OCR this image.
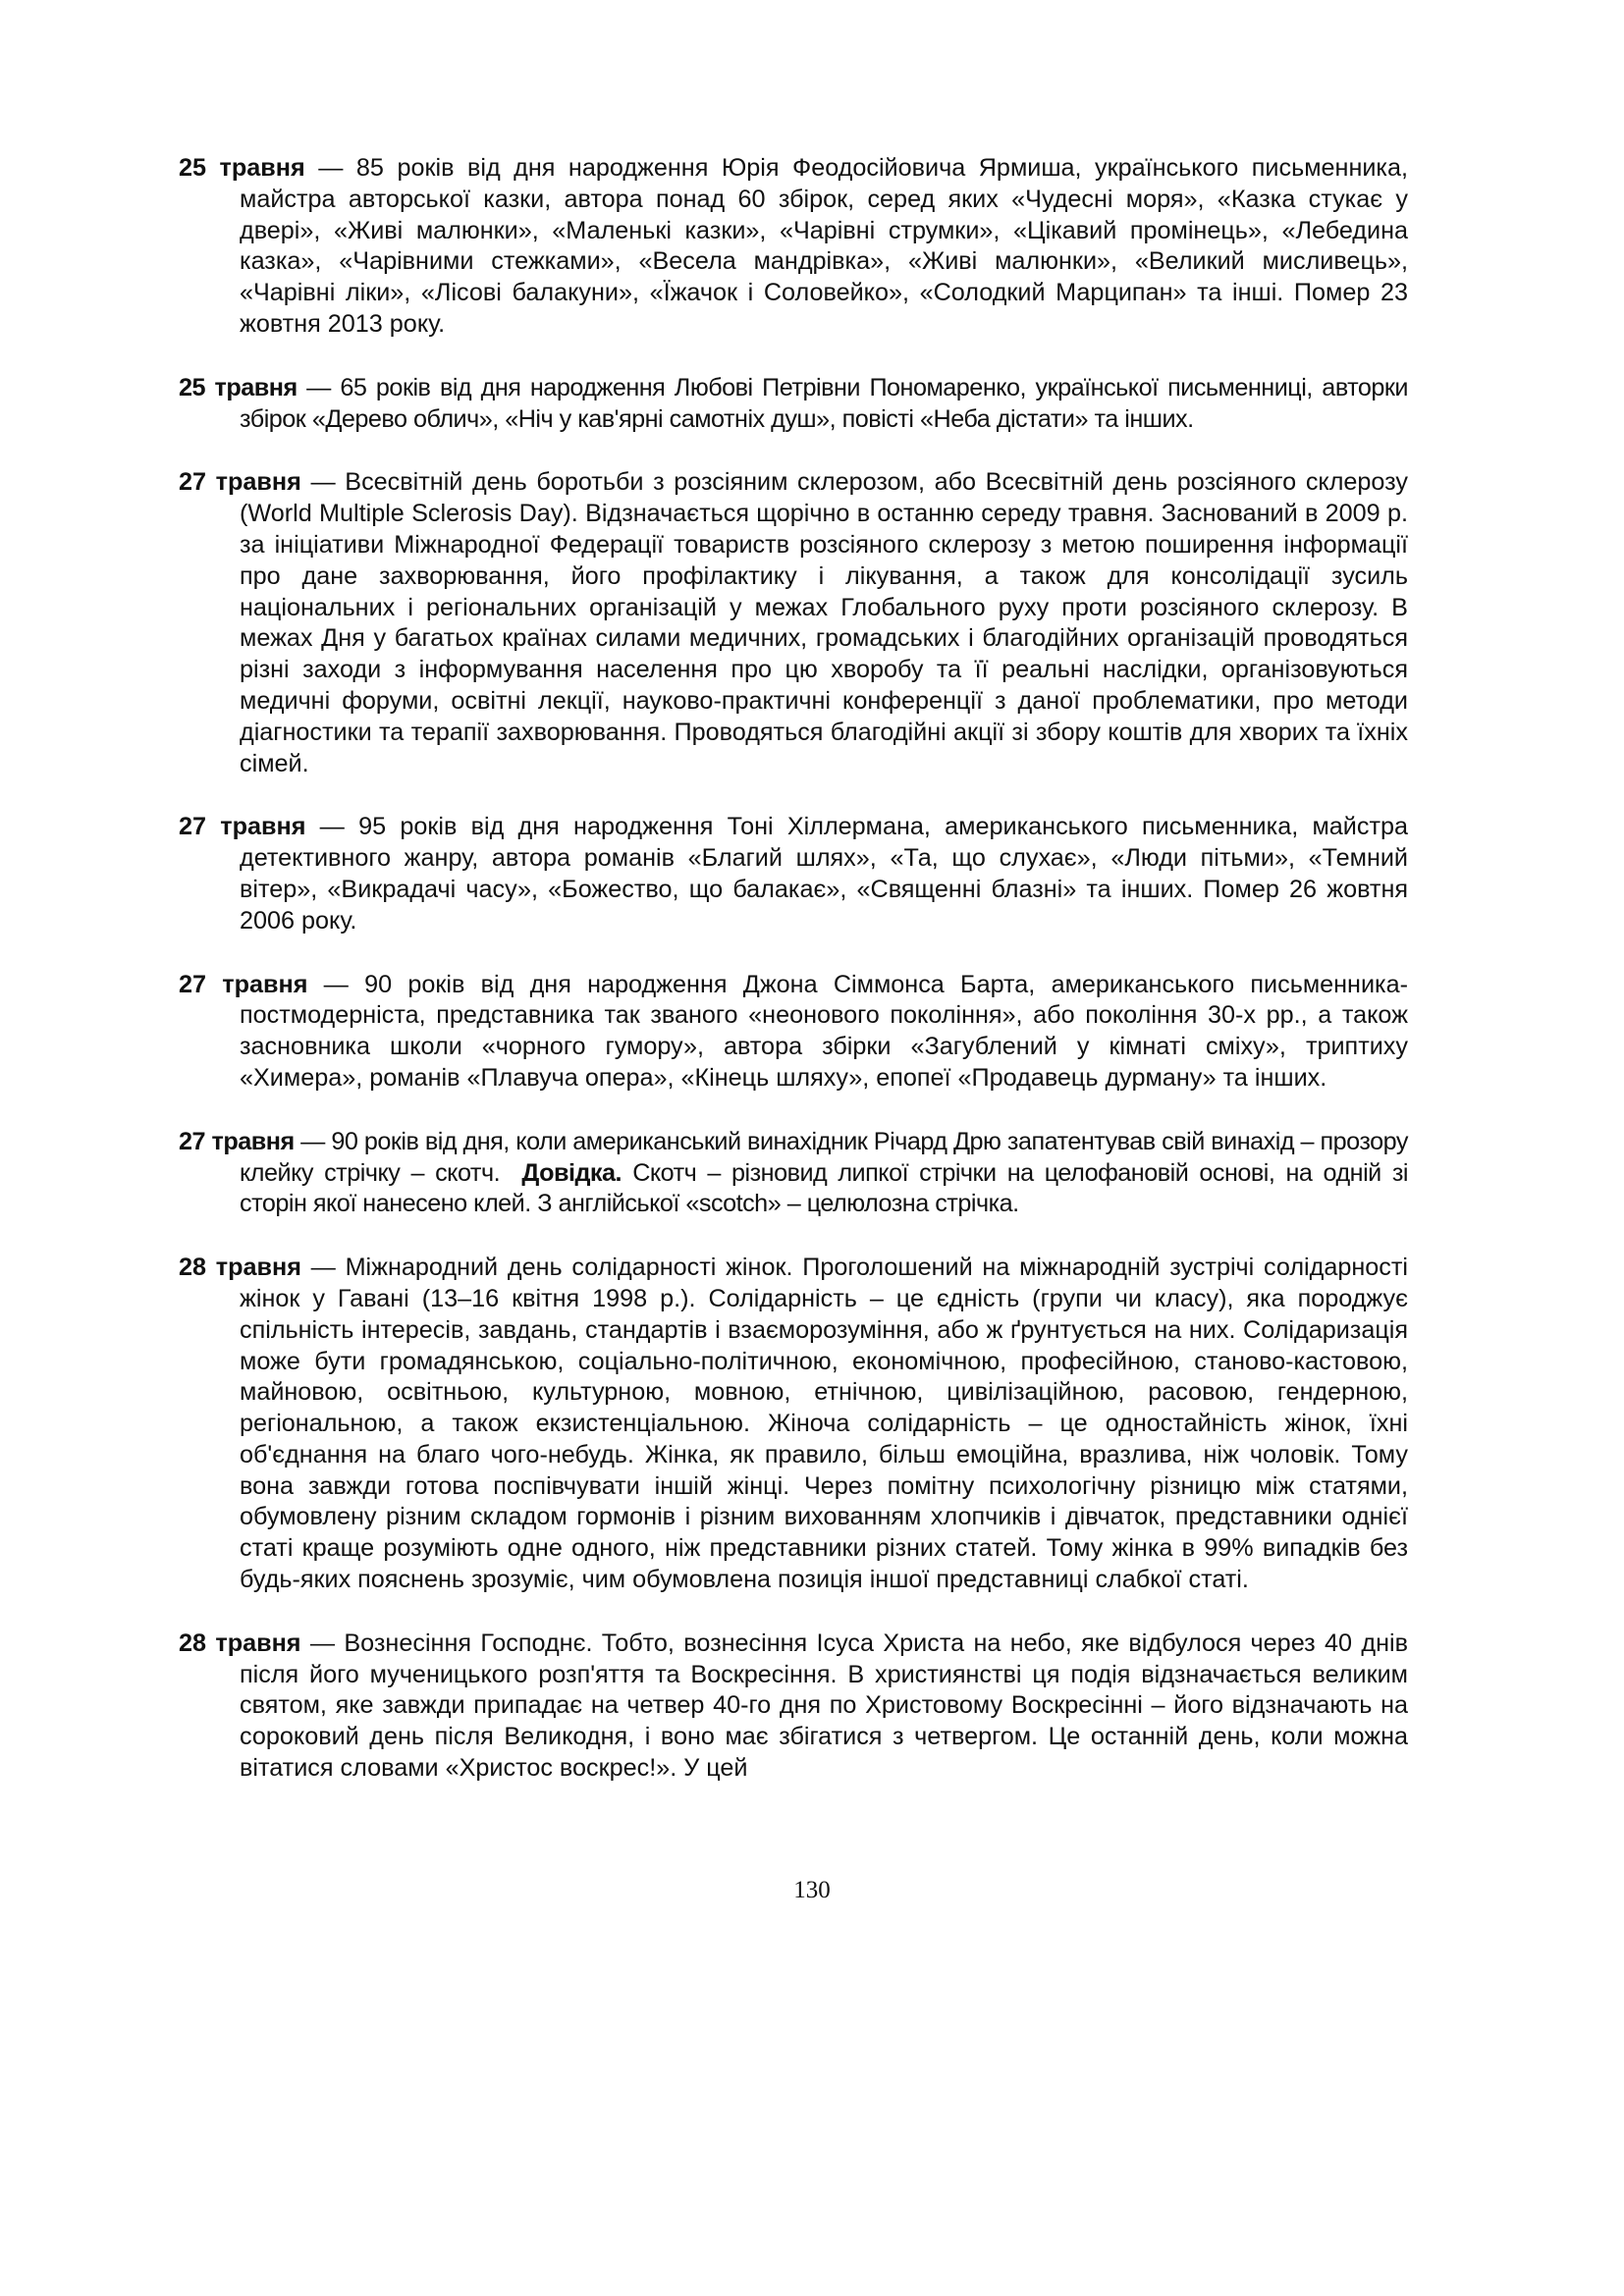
25 травня — 85 років від дня народження Юрія Феодосійовича Ярмиша, українського письменника, майстра авторської казки, автора понад 60 збірок, серед яких «Чудесні моря», «Казка стукає у двері», «Живі малюнки», «Маленькі казки», «Чарівні струмки», «Цікавий промінець», «Лебедина казка», «Чарівними стежками», «Весела мандрівка», «Живі малюнки», «Великий мисливець», «Чарівні ліки», «Лісові балакуни», «Їжачок і Соловейко», «Солодкий Марципан» та інші. Помер 23 жовтня 2013 року.

25 травня — 65 років від дня народження Любові Петрівни Пономаренко, української письменниці, авторки збірок «Дерево облич», «Ніч у кав'ярні самотніх душ», повісті «Неба дістати» та інших.

27 травня — Всесвітній день боротьби з розсіяним склерозом, або Всесвітній день розсіяного склерозу (World Multiple Sclerosis Day). Відзначається щорічно в останню середу травня. Заснований в 2009 р. за ініціативи Міжнародної Федерації товариств розсіяного склерозу з метою поширення інформації про дане захворювання, його профілактику і лікування, а також для консолідації зусиль національних і регіональних організацій у межах Глобального руху проти розсіяного склерозу. В межах Дня у багатьох країнах силами медичних, громадських і благодійних організацій проводяться різні заходи з інформування населення про цю хворобу та її реальні наслідки, організовуються медичні форуми, освітні лекції, науково-практичні конференції з даної проблематики, про методи діагностики та терапії захворювання. Проводяться благодійні акції зі збору коштів для хворих та їхніх сімей.

27 травня — 95 років від дня народження Тоні Хіллермана, американського письменника, майстра детективного жанру, автора романів «Благий шлях», «Та, що слухає», «Люди пітьми», «Темний вітер», «Викрадачі часу», «Божество, що балакає», «Священні блазні» та інших. Помер 26 жовтня 2006 року.

27 травня — 90 років від дня народження Джона Сіммонса Барта, американського письменника-постмодерніста, представника так званого «неонового покоління», або покоління 30-х рр., а також засновника школи «чорного гумору», автора збірки «Загублений у кімнаті сміху», триптиху «Химера», романів «Плавуча опера», «Кінець шляху», епопеї «Продавець дурману» та інших.

27 травня — 90 років від дня, коли американський винахідник Річард Дрю запатентував свій винахід – прозору клейку стрічку – скотч. Довідка. Скотч – різновид липкої стрічки на целофановій основі, на одній зі сторін якої нанесено клей. З англійської «scotch» – целюлозна стрічка.

28 травня — Міжнародний день солідарності жінок. Проголошений на міжнародній зустрічі солідарності жінок у Гавані (13–16 квітня 1998 р.). Солідарність – це єдність (групи чи класу), яка породжує спільність інтересів, завдань, стандартів і взаєморозуміння, або ж ґрунтується на них. Солідаризація може бути громадянською, соціально-політичною, економічною, професійною, станово-кастовою, майновою, освітньою, культурною, мовною, етнічною, цивілізаційною, расовою, гендерною, регіональною, а також екзистенціальною. Жіноча солідарність – це одностайність жінок, їхні об'єднання на благо чого-небудь. Жінка, як правило, більш емоційна, вразлива, ніж чоловік. Тому вона завжди готова поспівчувати іншій жінці. Через помітну психологічну різницю між статями, обумовлену різним складом гормонів і різним вихованням хлопчиків і дівчаток, представники однієї статі краще розуміють одне одного, ніж представники різних статей. Тому жінка в 99% випадків без будь-яких пояснень зрозуміє, чим обумовлена позиція іншої представниці слабкої статі.

28 травня — Вознесіння Господнє. Тобто, вознесіння Ісуса Христа на небо, яке відбулося через 40 днів після його мученицького розп'яття та Воскресіння. В християнстві ця подія відзначається великим святом, яке завжди припадає на четвер 40-го дня по Христовому Воскресінні – його відзначають на сороковий день після Великодня, і воно має збігатися з четвергом. Це останній день, коли можна вітатися словами «Христос воскрес!». У цей

130
